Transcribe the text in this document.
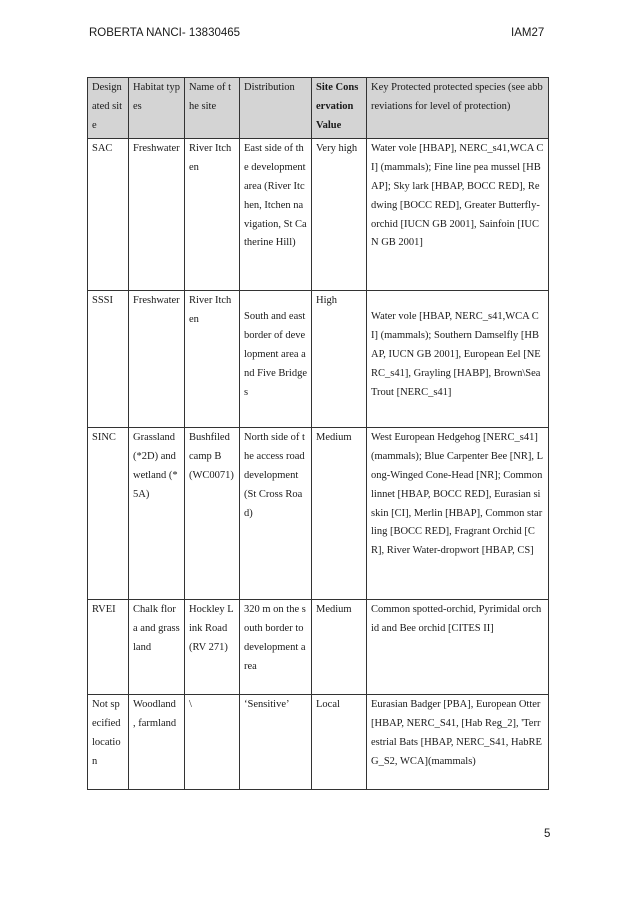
ROBERTA NANCI- 13830465	IAM27
Designated site	Habitat types	Name of the site	Distribution	Site Conservation Value	Key Protected protected species (see abbreviations for level of protection)
SAC	Freshwater	River Itchen	East side of the development area (River Itchen, Itchen navigation, St Catherine Hill)	Very high	Water vole [HBAP], NERC_s41,WCA CI] (mammals); Fine line pea mussel [HBAP]; Sky lark [HBAP, BOCC RED], Redwing [BOCC RED], Greater Butterfly-orchid [IUCN GB 2001], Sainfoin [IUCN GB 2001]
SSSI	Freshwater	River Itchen	South and east border of development area and Five Bridges	High	Water vole [HBAP, NERC_s41,WCA CI] (mammals); Southern Damselfly [HBAP, IUCN GB 2001], European Eel [NERC_s41], Grayling [HABP], Brown\Sea Trout [NERC_s41]

SINC	Grassland (*2D) and wetland (*5A)	Bushfiled camp B (WC0071)	North side of the access road development (St Cross Road)	Medium	West European Hedgehog [NERC_s41] (mammals); Blue Carpenter Bee [NR], Long-Winged Cone-Head [NR]; Common linnet [HBAP, BOCC RED], Eurasian siskin [CI], Merlin [HBAP], Common starling [BOCC RED], Fragrant Orchid [CR], River Water-dropwort [HBAP, CS]
RVEI	Chalk flora and grassland	Hockley Link Road (RV 271)	320 m on the south border to development area	Medium	Common spotted-orchid, Pyrimidal orchid and Bee orchid [CITES II]
Not specified location	Woodland , farmland	\	‘Sensitive’	Local	Eurasian Badger [PBA], European Otter [HBAP, NERC_S41, [Hab Reg_2], 'Terrestrial Bats [HBAP, NERC_S41, HabREG_S2, WCA](mammals)
5
